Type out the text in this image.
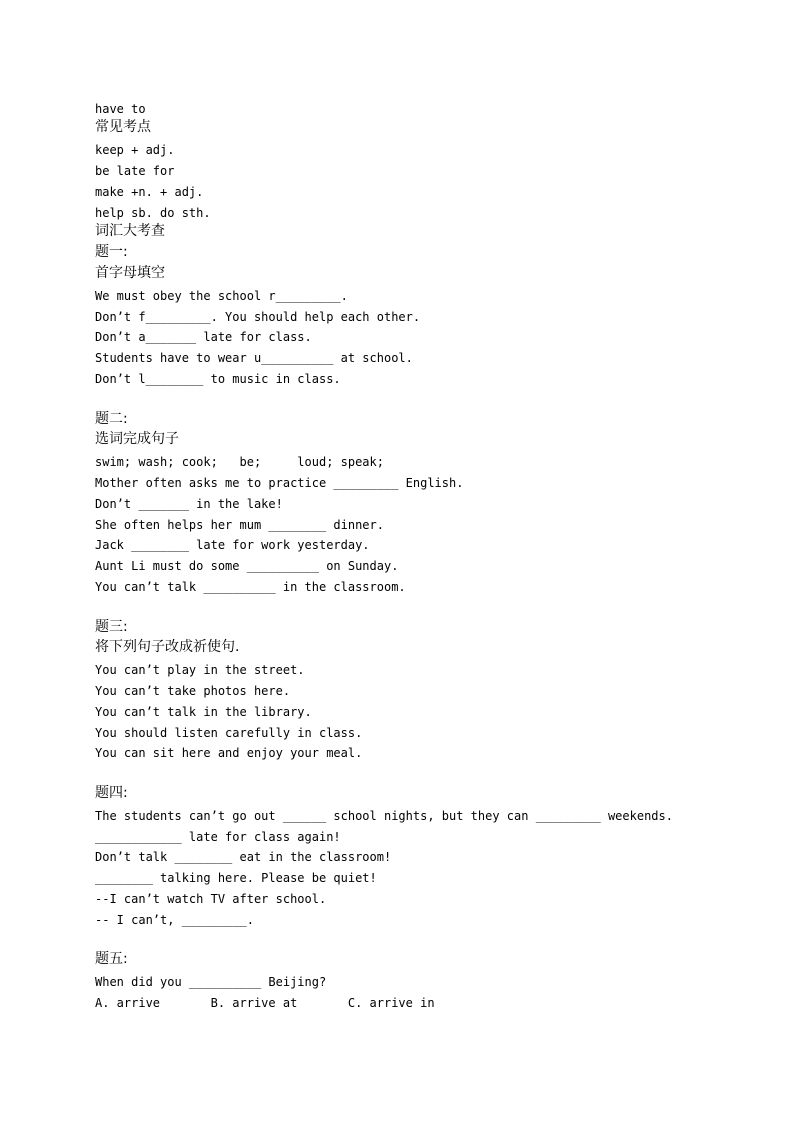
have to
常见考点
keep + adj.
be late for
make +n. + adj.
help sb. do sth.
词汇大考查
题一:
首字母填空
We must obey the school r_________.
Don’t f_________. You should help each other.
Don’t a_______ late for class.
Students have to wear u__________ at school.
Don’t l________ to music in class.
题二:
选词完成句子
swim; wash; cook;   be;     loud; speak;
Mother often asks me to practice _________ English.
Don’t _______ in the lake!
She often helps her mum ________ dinner.
Jack ________ late for work yesterday.
Aunt Li must do some __________ on Sunday.
You can’t talk __________ in the classroom.
题三:
将下列句子改成祈使句.
You can’t play in the street.
You can’t take photos here.
You can’t talk in the library.
You should listen carefully in class.
You can sit here and enjoy your meal.
题四:
The students can’t go out ______ school nights, but they can _________ weekends.
____________ late for class again!
Don’t talk ________ eat in the classroom!
________ talking here. Please be quiet!
--I can’t watch TV after school.
-- I can’t, _________.
题五:
When did you __________ Beijing?
A. arrive       B. arrive at       C. arrive in
